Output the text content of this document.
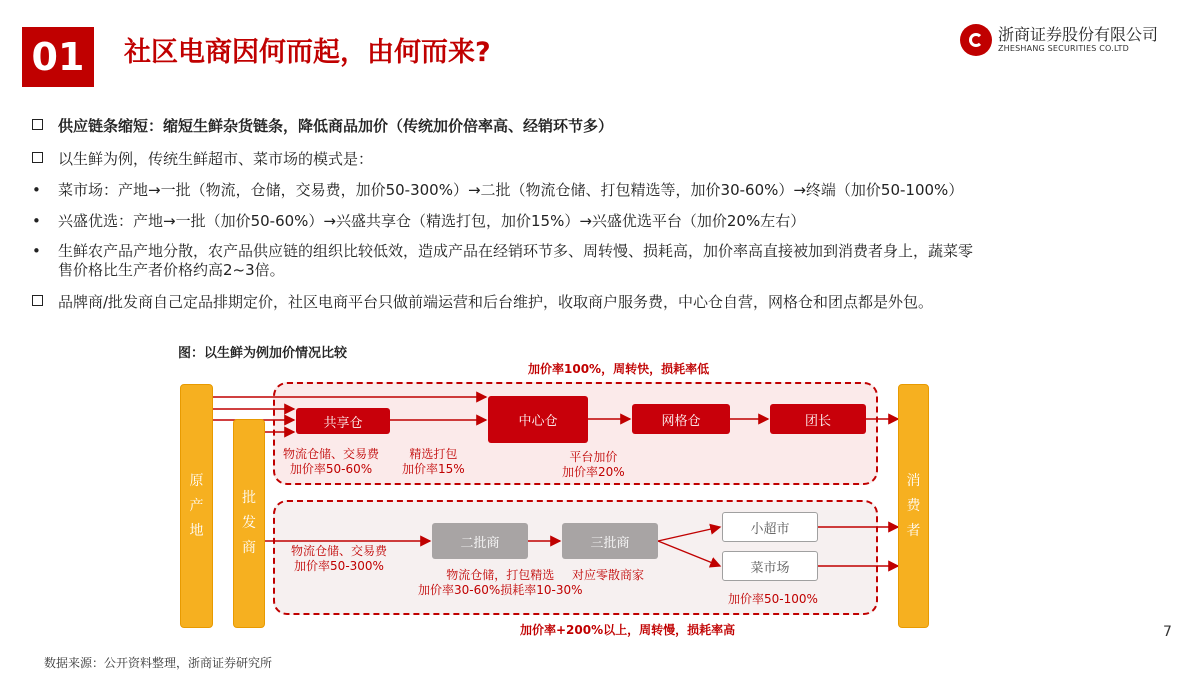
01	社区电商因何而起，由何而来?
浙商证券股份有限公司
ZHESHANG SECURITIES CO.LTD
供应链条缩短：缩短生鲜杂货链条，降低商品加价（传统加价倍率高、经销环节多）
以生鲜为例，传统生鲜超市、菜市场的模式是：
• 菜市场：产地→一批（物流，仓储，交易费，加价50-300%）→二批（物流仓储、打包精选等，加价30-60%）→终端（加价50-100%）
• 兴盛优选：产地→一批（加价50-60%）→兴盛共享仓（精选打包，加价15%）→兴盛优选平台（加价20%左右）
• 生鲜农产品产地分散，农产品供应链的组织比较低效，造成产品在经销环节多、周转慢、损耗高，加价率高直接被加到消费者身上，蔬菜零
售价格比生产者价格约高2~3倍。
品牌商/批发商自己定品排期定价，社区电商平台只做前端运营和后台维护，收取商户服务费，中心仓自营，网格仓和团点都是外包。
图：以生鲜为例加价情况比较
加价率100%，周转快，损耗率低
加价率+200%以上，周转慢，损耗率高
原
产
地
批
发
商
消
费
者
共享仓	中心仓	网格仓	团长
二批商	三批商
小超市
菜市场
物流仓储、交易费
加价率50-60%
精选打包
加价率15%
平台加价
加价率20%
物流仓储、交易费
加价率50-300%
物流仓储，打包精选
加价率30-60%损耗率10-30%
对应零散商家
加价率50-100%
数据来源：公开资料整理，浙商证券研究所
7
